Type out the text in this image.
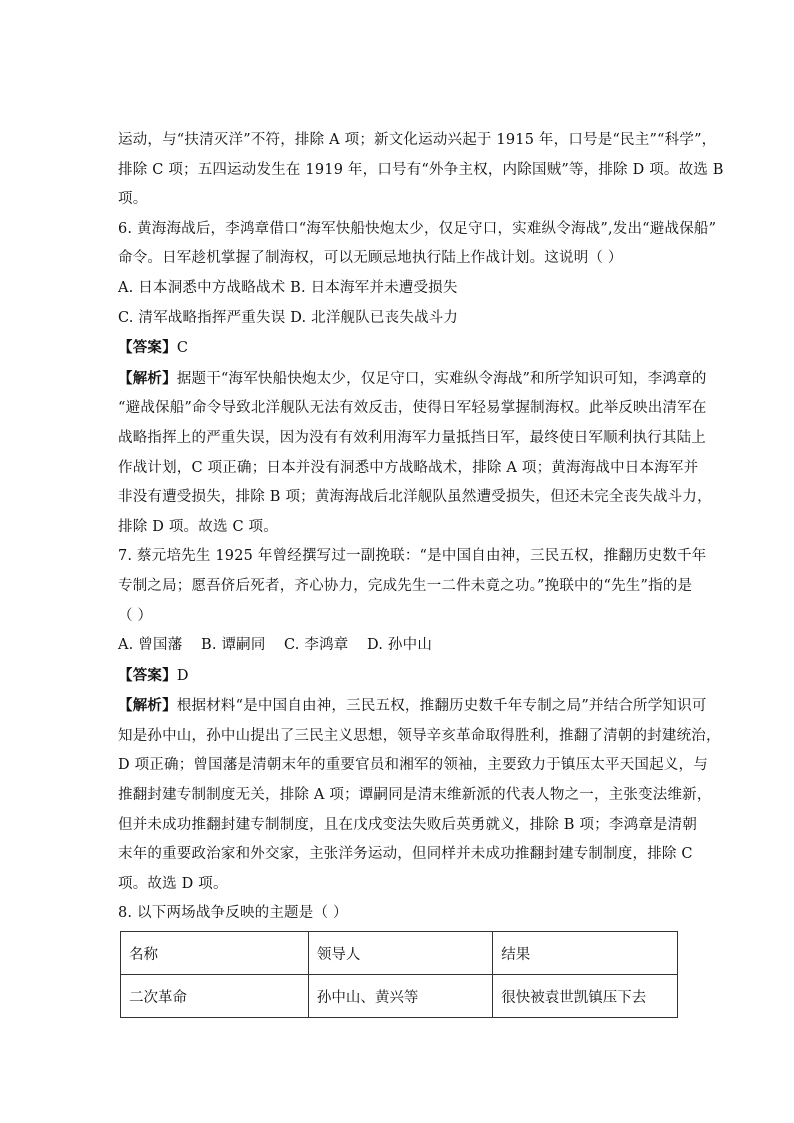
运动，与“扶清灭洋”不符，排除 A 项；新文化运动兴起于 1915 年，口号是“民主”“科学”，
排除 C 项；五四运动发生在 1919 年，口号有“外争主权，内除国贼”等，排除 D 项。故选 B
项。
6. 黄海海战后，李鸿章借口“海军快船快炮太少，仅足守口，实难纵令海战”,发出“避战保船”
命令。日军趁机掌握了制海权，可以无顾忌地执行陆上作战计划。这说明（ ）
A. 日本洞悉中方战略战术 B. 日本海军并未遭受损失
C. 清军战略指挥严重失误 D. 北洋舰队已丧失战斗力
【答案】C
【解析】据题干“海军快船快炮太少，仅足守口，实难纵令海战”和所学知识可知，李鸿章的
“避战保船”命令导致北洋舰队无法有效反击，使得日军轻易掌握制海权。此举反映出清军在
战略指挥上的严重失误，因为没有有效利用海军力量抵挡日军，最终使日军顺利执行其陆上
作战计划，C 项正确；日本并没有洞悉中方战略战术，排除 A 项；黄海海战中日本海军并
非没有遭受损失，排除 B 项；黄海海战后北洋舰队虽然遭受损失，但还未完全丧失战斗力，
排除 D 项。故选 C 项。
7. 蔡元培先生 1925 年曾经撰写过一副挽联：“是中国自由神，三民五权，推翻历史数千年
专制之局；愿吾侪后死者，齐心协力，完成先生一二件未竟之功。”挽联中的“先生”指的是
（ ）
A. 曾国藩 B. 谭嗣同 C. 李鸿章 D. 孙中山
【答案】D
【解析】根据材料“是中国自由神，三民五权，推翻历史数千年专制之局”并结合所学知识可
知是孙中山，孙中山提出了三民主义思想，领导辛亥革命取得胜利，推翻了清朝的封建统治，
D 项正确；曾国藩是清朝末年的重要官员和湘军的领袖，主要致力于镇压太平天国起义，与
推翻封建专制制度无关，排除 A 项；谭嗣同是清末维新派的代表人物之一，主张变法维新，
但并未成功推翻封建专制制度，且在戊戌变法失败后英勇就义，排除 B 项；李鸿章是清朝
末年的重要政治家和外交家，主张洋务运动，但同样并未成功推翻封建专制制度，排除 C
项。故选 D 项。
8. 以下两场战争反映的主题是（ ）
名称	领导人	结果
二次革命	孙中山、黄兴等	很快被袁世凯镇压下去
